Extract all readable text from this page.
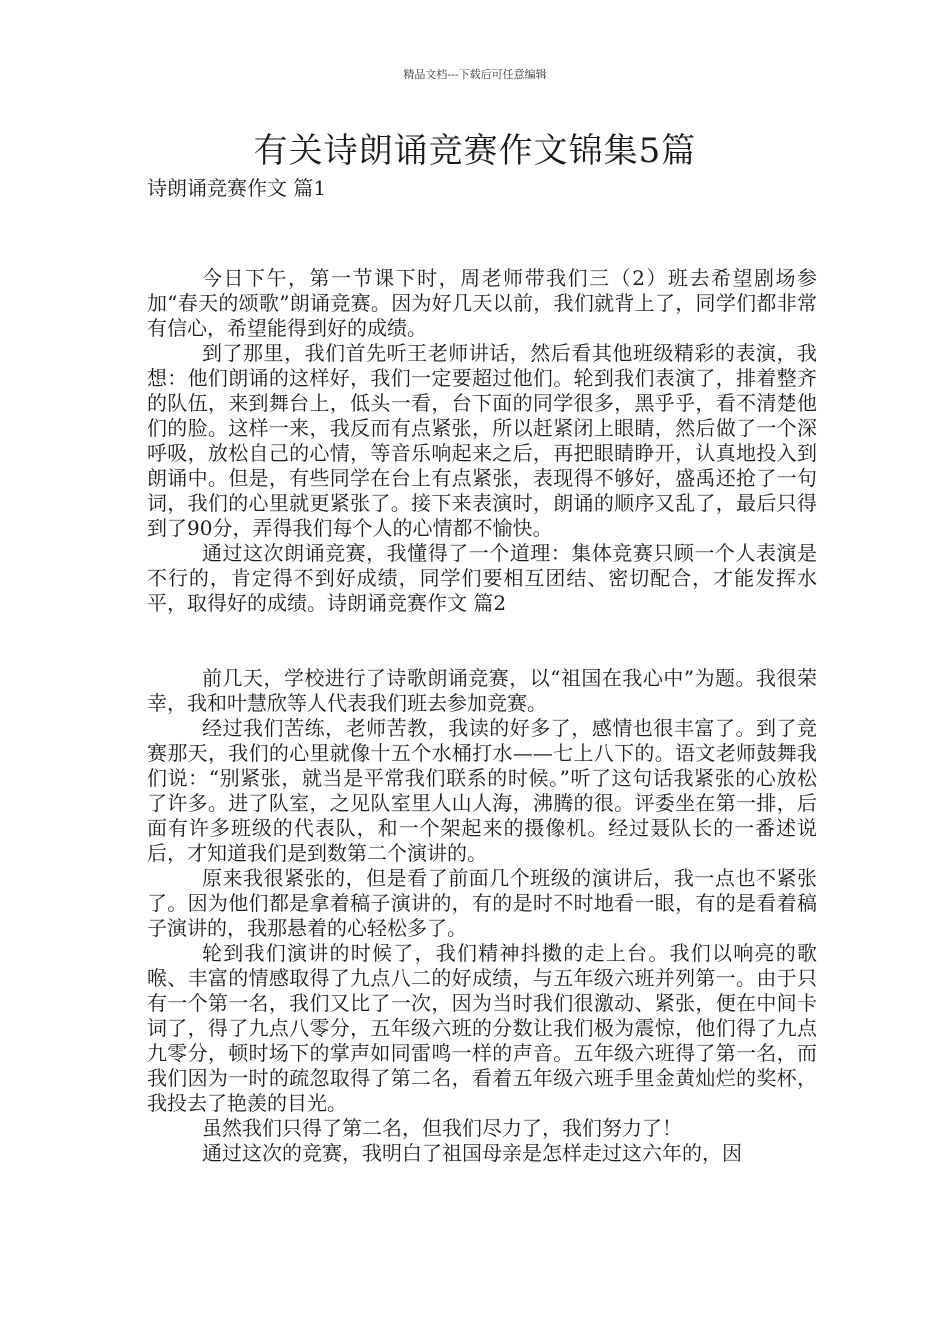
精品文档---下载后可任意编辑
有关诗朗诵竞赛作文锦集5篇
诗朗诵竞赛作文 篇1

今日下午，第一节课下时，周老师带我们三（2）班去希望剧场参加“春天的颂歌”朗诵竞赛。因为好几天以前，我们就背上了，同学们都非常有信心，希望能得到好的成绩。

到了那里，我们首先听王老师讲话，然后看其他班级精彩的表演，我想：他们朗诵的这样好，我们一定要超过他们。轮到我们表演了，排着整齐的队伍，来到舞台上，低头一看，台下面的同学很多，黑乎乎，看不清楚他们的脸。这样一来，我反而有点紧张，所以赶紧闭上眼睛，然后做了一个深呼吸，放松自己的心情，等音乐响起来之后，再把眼睛睁开，认真地投入到朗诵中。但是，有些同学在台上有点紧张，表现得不够好，盛禹还抢了一句词，我们的心里就更紧张了。接下来表演时，朗诵的顺序又乱了，最后只得到了90分，弄得我们每个人的心情都不愉快。

通过这次朗诵竞赛，我懂得了一个道理：集体竞赛只顾一个人表演是不行的，肯定得不到好成绩，同学们要相互团结、密切配合，才能发挥水平，取得好的成绩。诗朗诵竞赛作文 篇2

前几天，学校进行了诗歌朗诵竞赛，以“祖国在我心中”为题。我很荣幸，我和叶慧欣等人代表我们班去参加竞赛。

经过我们苦练，老师苦教，我读的好多了，感情也很丰富了。到了竞赛那天，我们的心里就像十五个水桶打水——七上八下的。语文老师鼓舞我们说：“别紧张，就当是平常我们联系的时候。”听了这句话我紧张的心放松了许多。进了队室，之见队室里人山人海，沸腾的很。评委坐在第一排，后面有许多班级的代表队，和一个架起来的摄像机。经过聂队长的一番述说后，才知道我们是到数第二个演讲的。

原来我很紧张的，但是看了前面几个班级的演讲后，我一点也不紧张了。因为他们都是拿着稿子演讲的，有的是时不时地看一眼，有的是看着稿子演讲的，我那悬着的心轻松多了。

轮到我们演讲的时候了，我们精神抖擞的走上台。我们以响亮的歌喉、丰富的情感取得了九点八二的好成绩，与五年级六班并列第一。由于只有一个第一名，我们又比了一次，因为当时我们很激动、紧张，便在中间卡词了，得了九点八零分，五年级六班的分数让我们极为震惊，他们得了九点九零分，顿时场下的掌声如同雷鸣一样的声音。五年级六班得了第一名，而我们因为一时的疏忽取得了第二名，看着五年级六班手里金黄灿烂的奖杯，我投去了艳羡的目光。

虽然我们只得了第二名，但我们尽力了，我们努力了！

通过这次的竞赛，我明白了祖国母亲是怎样走过这六年的，因
